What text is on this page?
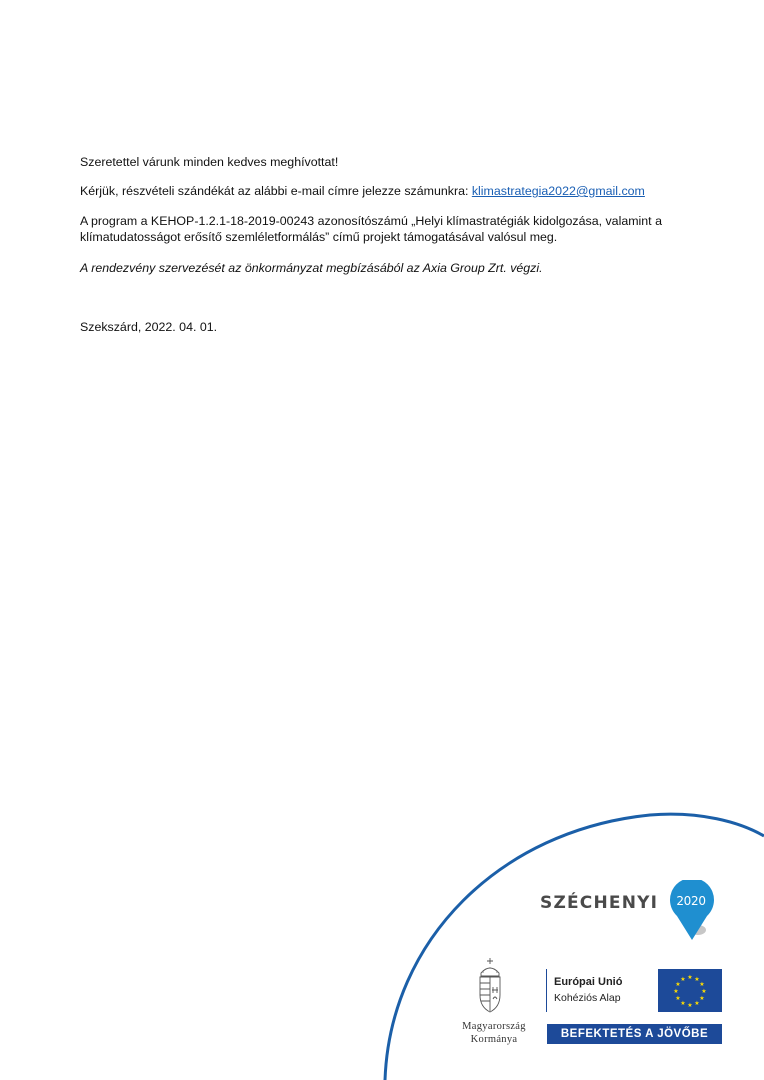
Szeretettel várunk minden kedves meghívottat!

Kérjük, részvételi szándékát az alábbi e-mail címre jelezze számunkra: klimastrategia2022@gmail.com

A program a KEHOP-1.2.1-18-2019-00243 azonosítószámú „Helyi klímastratégiák kidolgozása, valamint a klímatudatosságot erősítő szemléletformálás” című projekt támogatásával valósul meg.

A rendezvény szervezését az önkormányzat megbízásából az Axia Group Zrt. végzi.

Szekszárd, 2022. 04. 01.

SZÉCHENYI	2020
Magyarország
Kormánya
Európai Unió
Kohéziós Alap
★ ★
★
★
★
★
★
★
★
★
★
★
BEFEKTETÉS A JÖVŐBE
